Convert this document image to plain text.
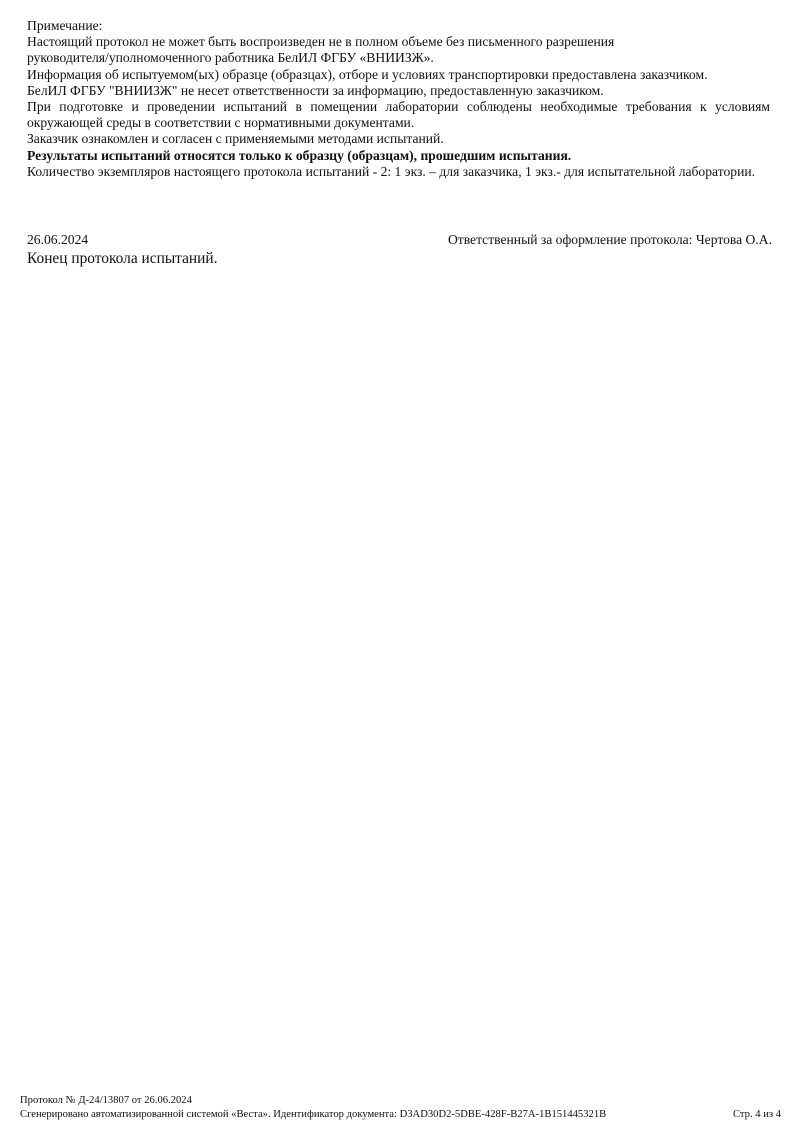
Примечание:

Настоящий протокол не может быть воспроизведен не в полном объеме без письменного разрешения

руководителя/уполномоченного работника БелИЛ ФГБУ «ВНИИЗЖ».

Информация об испытуемом(ых) образце (образцах), отборе и условиях транспортировки предоставлена заказчиком.

БелИЛ ФГБУ "ВНИИЗЖ" не несет ответственности за информацию, предоставленную заказчиком.

При подготовке и проведении испытаний в помещении лаборатории соблюдены необходимые требования к условиям окружающей среды в соответствии с нормативными документами.

Заказчик ознакомлен и согласен с применяемыми методами испытаний.

Результаты испытаний относятся только к образцу (образцам), прошедшим испытания.

Количество экземпляров настоящего протокола испытаний - 2: 1 экз. – для заказчика, 1 экз.- для испытательной лаборатории.

26.06.2024	Ответственный за оформление протокола: Чертова О.А.
Конец протокола испытаний.
Протокол № Д-24/13807 от 26.06.2024
Сгенерировано автоматизированной системой «Веста». Идентификатор документа: D3AD30D2-5DBE-428F-B27A-1B151445321B	Стр. 4 из 4
